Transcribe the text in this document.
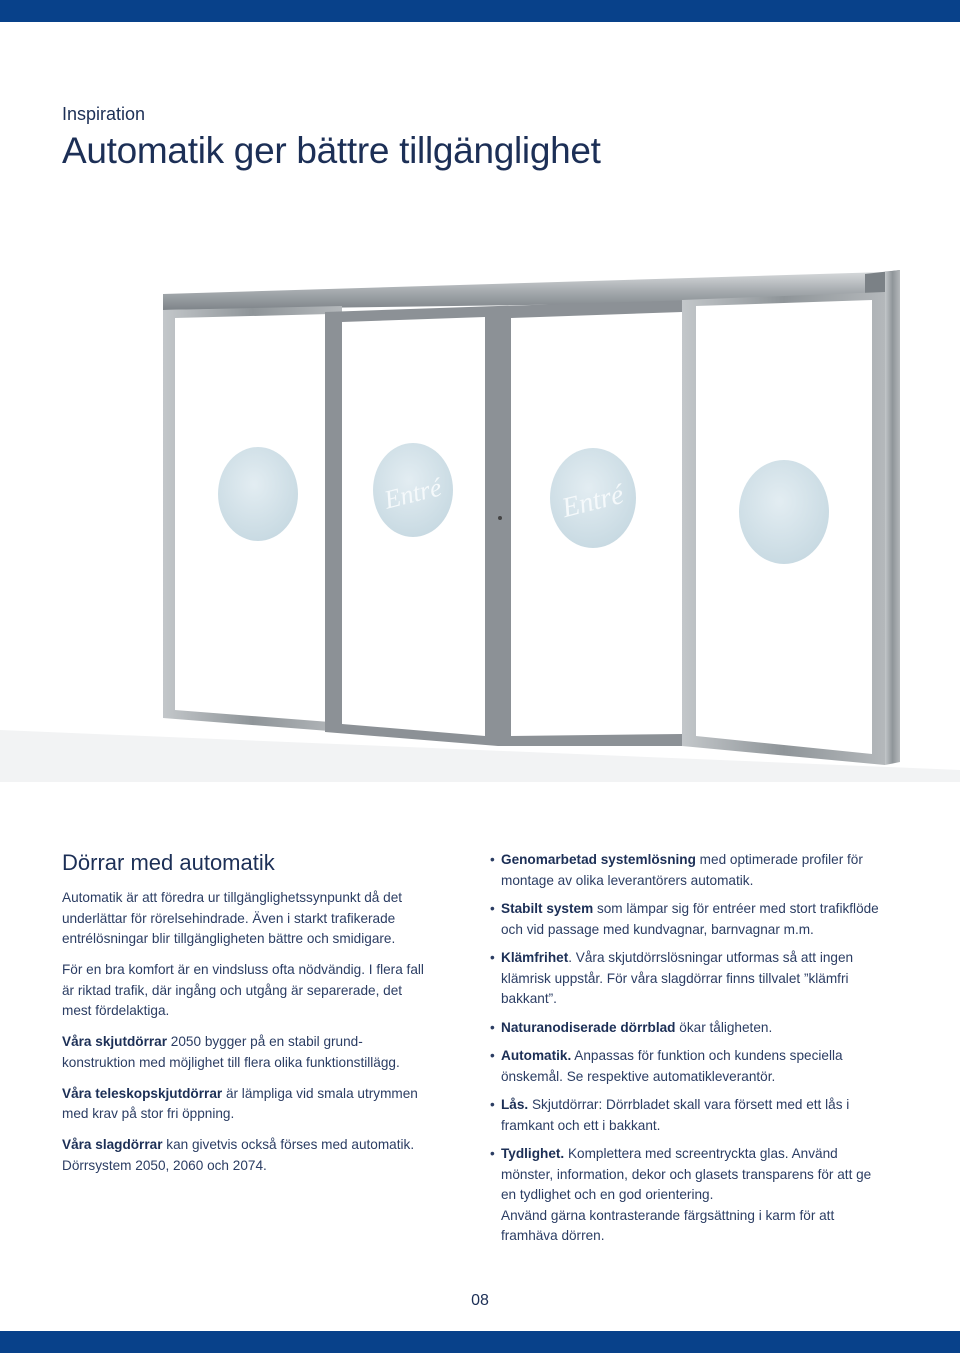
Inspiration
Automatik ger bättre tillgänglighet
Entré	Entré
Dörrar med automatik

Automatik är att föredra ur tillgänglighetssynpunkt då det underlättar för rörelsehindrade. Även i starkt trafikerade entrélösningar blir tillgängligheten bättre och smidigare.

För en bra komfort är en vindsluss ofta nödvändig. I flera fall är riktad trafik, där ingång och utgång är separerade, det mest fördelaktiga.

Våra skjutdörrar 2050 bygger på en stabil grund-konstruktion med möjlighet till flera olika funktionstillägg.

Våra teleskopskjutdörrar är lämpliga vid smala utrymmen med krav på stor fri öppning.

Våra slagdörrar kan givetvis också förses med automatik. Dörrsystem 2050, 2060 och 2074.

• Genomarbetad systemlösning med optimerade profiler för montage av olika leverantörers automatik.
• Stabilt system som lämpar sig för entréer med stort trafikflöde och vid passage med kundvagnar, barnvagnar m.m.
• Klämfrihet. Våra skjutdörrslösningar utformas så att ingen klämrisk uppstår. För våra slagdörrar finns tillvalet ”klämfri bakkant”.
• Naturanodiserade dörrblad ökar tåligheten.
• Automatik. Anpassas för funktion och kundens speciella önskemål. Se respektive automatikleverantör.
• Lås. Skjutdörrar: Dörrbladet skall vara försett med ett lås i framkant och ett i bakkant.
• Tydlighet. Komplettera med screentryckta glas. Använd mönster, information, dekor och glasets transparens för att ge en tydlighet och en god orientering.
Använd gärna kontrasterande färgsättning i karm för att framhäva dörren.
08
